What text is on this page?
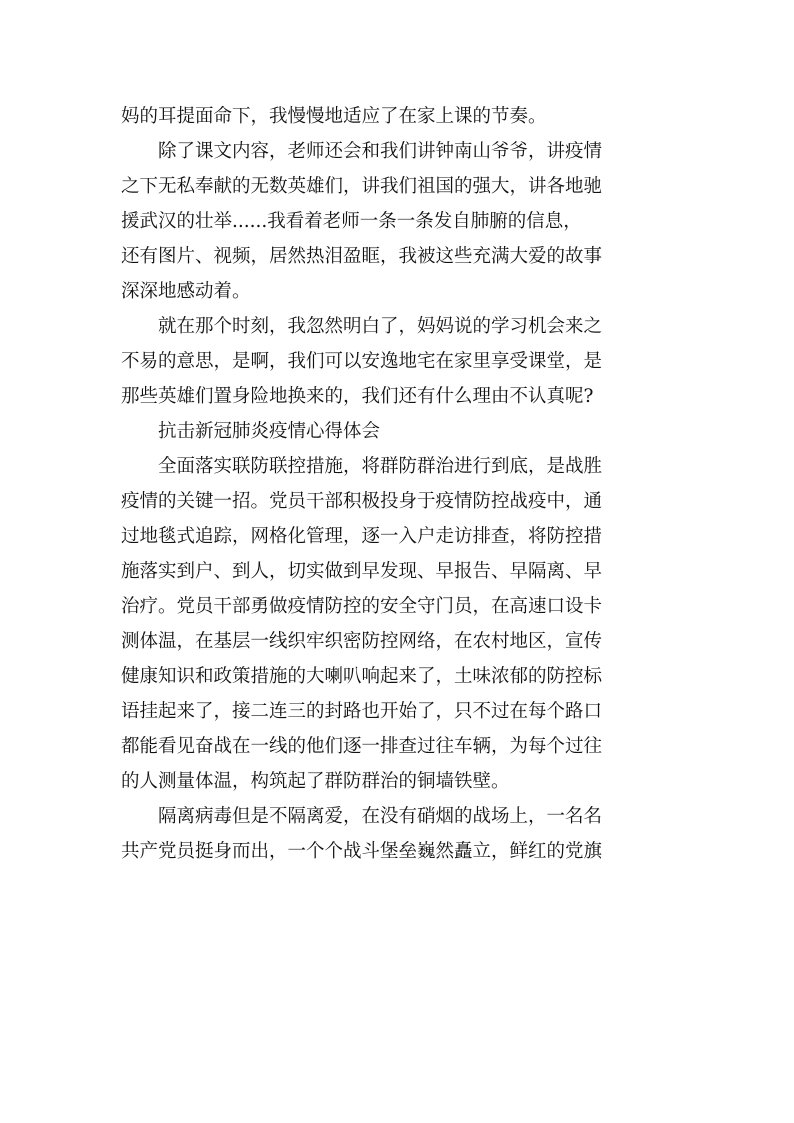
妈的耳提面命下，我慢慢地适应了在家上课的节奏。
　　除了课文内容，老师还会和我们讲钟南山爷爷，讲疫情
之下无私奉献的无数英雄们，讲我们祖国的强大，讲各地驰
援武汉的壮举......我看着老师一条一条发自肺腑的信息，
还有图片、视频，居然热泪盈眶，我被这些充满大爱的故事
深深地感动着。
　　就在那个时刻，我忽然明白了，妈妈说的学习机会来之
不易的意思，是啊，我们可以安逸地宅在家里享受课堂，是
那些英雄们置身险地换来的，我们还有什么理由不认真呢?
　　抗击新冠肺炎疫情心得体会
　　全面落实联防联控措施，将群防群治进行到底，是战胜
疫情的关键一招。党员干部积极投身于疫情防控战疫中，通
过地毯式追踪，网格化管理，逐一入户走访排查，将防控措
施落实到户、到人，切实做到早发现、早报告、早隔离、早
治疗。党员干部勇做疫情防控的安全守门员，在高速口设卡
测体温，在基层一线织牢织密防控网络，在农村地区，宣传
健康知识和政策措施的大喇叭响起来了，土味浓郁的防控标
语挂起来了，接二连三的封路也开始了，只不过在每个路口
都能看见奋战在一线的他们逐一排查过往车辆，为每个过往
的人测量体温，构筑起了群防群治的铜墙铁壁。
　　隔离病毒但是不隔离爱，在没有硝烟的战场上，一名名
共产党员挺身而出，一个个战斗堡垒巍然矗立，鲜红的党旗
